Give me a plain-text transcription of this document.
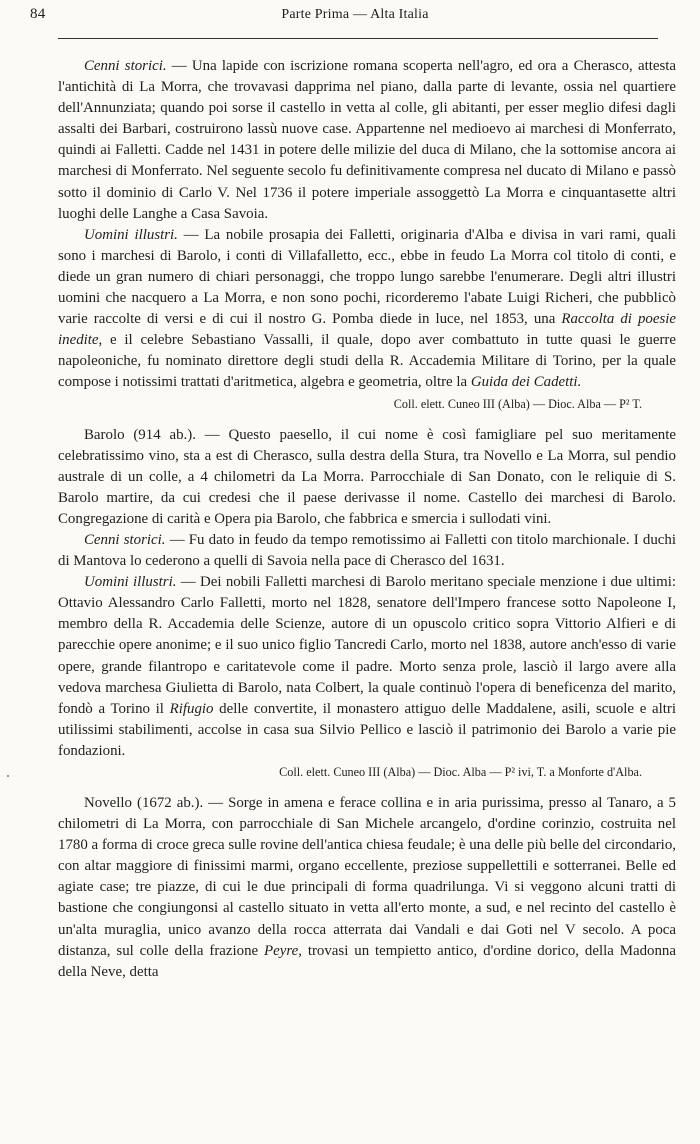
84	Parte Prima — Alta Italia

Cenni storici. — Una lapide con iscrizione romana scoperta nell'agro, ed ora a Cherasco, attesta l'antichità di La Morra, che trovavasi dapprima nel piano, dalla parte di levante, ossia nel quartiere dell'Annunziata; quando poi sorse il castello in vetta al colle, gli abitanti, per esser meglio difesi dagli assalti dei Barbari, costruirono lassù nuove case. Appartenne nel medioevo ai marchesi di Monferrato, quindi ai Falletti. Cadde nel 1431 in potere delle milizie del duca di Milano, che la sottomise ancora ai marchesi di Monferrato. Nel seguente secolo fu definitivamente compresa nel ducato di Milano e passò sotto il dominio di Carlo V. Nel 1736 il potere imperiale assoggettò La Morra e cinquantasette altri luoghi delle Langhe a Casa Savoia.

Uomini illustri. — La nobile prosapia dei Falletti, originaria d'Alba e divisa in vari rami, quali sono i marchesi di Barolo, i conti di Villafalletto, ecc., ebbe in feudo La Morra col titolo di conti, e diede un gran numero di chiari personaggi, che troppo lungo sarebbe l'enumerare. Degli altri illustri uomini che nacquero a La Morra, e non sono pochi, ricorderemo l'abate Luigi Richeri, che pubblicò varie raccolte di versi e di cui il nostro G. Pomba diede in luce, nel 1853, una Raccolta di poesie inedite, e il celebre Sebastiano Vassalli, il quale, dopo aver combattuto in tutte quasi le guerre napoleoniche, fu nominato direttore degli studi della R. Accademia Militare di Torino, per la quale compose i notissimi trattati d'aritmetica, algebra e geometria, oltre la Guida dei Cadetti.

Coll. elett. Cuneo III (Alba) — Dioc. Alba — P² T.

Barolo (914 ab.). — Questo paesello, il cui nome è così famigliare pel suo meritamente celebratissimo vino, sta a est di Cherasco, sulla destra della Stura, tra Novello e La Morra, sul pendio australe di un colle, a 4 chilometri da La Morra. Parrocchiale di San Donato, con le reliquie di S. Barolo martire, da cui credesi che il paese derivasse il nome. Castello dei marchesi di Barolo. Congregazione di carità e Opera pia Barolo, che fabbrica e smercia i sullodati vini.

Cenni storici. — Fu dato in feudo da tempo remotissimo ai Falletti con titolo marchionale. I duchi di Mantova lo cederono a quelli di Savoia nella pace di Cherasco del 1631.

Uomini illustri. — Dei nobili Falletti marchesi di Barolo meritano speciale menzione i due ultimi: Ottavio Alessandro Carlo Falletti, morto nel 1828, senatore dell'Impero francese sotto Napoleone I, membro della R. Accademia delle Scienze, autore di un opuscolo critico sopra Vittorio Alfieri e di parecchie opere anonime; e il suo unico figlio Tancredi Carlo, morto nel 1838, autore anch'esso di varie opere, grande filantropo e caritatevole come il padre. Morto senza prole, lasciò il largo avere alla vedova marchesa Giulietta di Barolo, nata Colbert, la quale continuò l'opera di beneficenza del marito, fondò a Torino il Rifugio delle convertite, il monastero attiguo delle Maddalene, asili, scuole e altri utilissimi stabilimenti, accolse in casa sua Silvio Pellico e lasciò il patrimonio dei Barolo a varie pie fondazioni.

Coll. elett. Cuneo III (Alba) — Dioc. Alba — P² ivi, T. a Monforte d'Alba.

Novello (1672 ab.). — Sorge in amena e ferace collina e in aria purissima, presso al Tanaro, a 5 chilometri di La Morra, con parrocchiale di San Michele arcangelo, d'ordine corinzio, costruita nel 1780 a forma di croce greca sulle rovine dell'antica chiesa feudale; è una delle più belle del circondario, con altar maggiore di finissimi marmi, organo eccellente, preziose suppellettili e sotterranei. Belle ed agiate case; tre piazze, di cui le due principali di forma quadrilunga. Vi si veggono alcuni tratti di bastione che congiungonsi al castello situato in vetta all'erto monte, a sud, e nel recinto del castello è un'alta muraglia, unico avanzo della rocca atterrata dai Vandali e dai Goti nel V secolo. A poca distanza, sul colle della frazione Peyre, trovasi un tempietto antico, d'ordine dorico, della Madonna della Neve, detta
